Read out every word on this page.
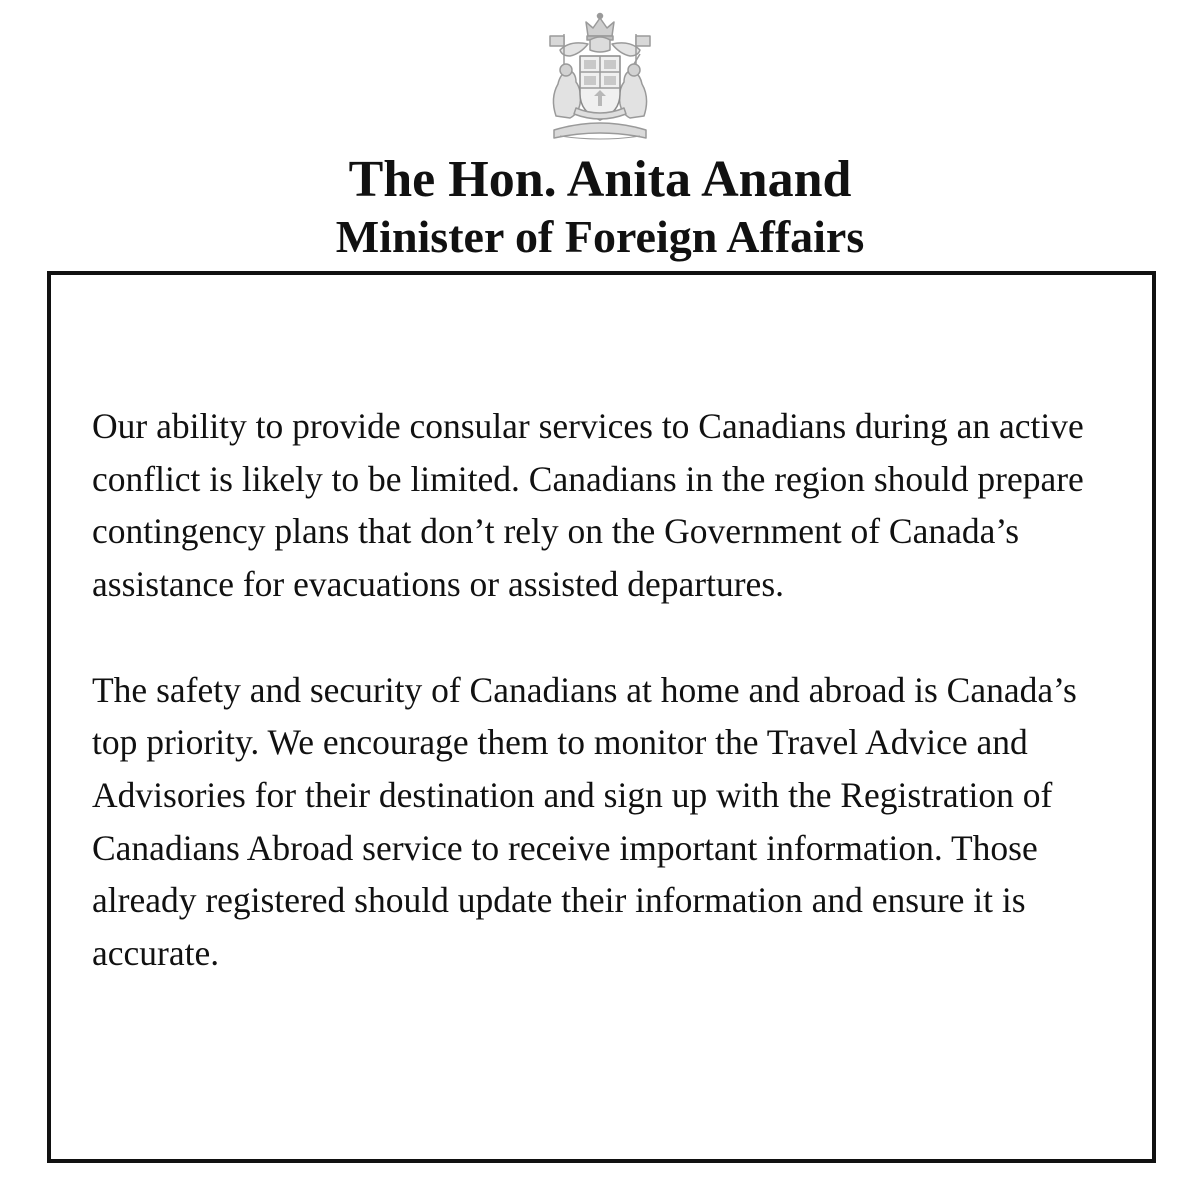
The Hon. Anita Anand
Minister of Foreign Affairs

Our ability to provide consular services to Canadians during an active conflict is likely to be limited. Canadians in the region should prepare contingency plans that don’t rely on the Government of Canada’s assistance for evacuations or assisted departures.

The safety and security of Canadians at home and abroad is Canada’s top priority. We encourage them to monitor the Travel Advice and Advisories for their destination and sign up with the Registration of Canadians Abroad service to receive important information. Those already registered should update their information and ensure it is accurate.
